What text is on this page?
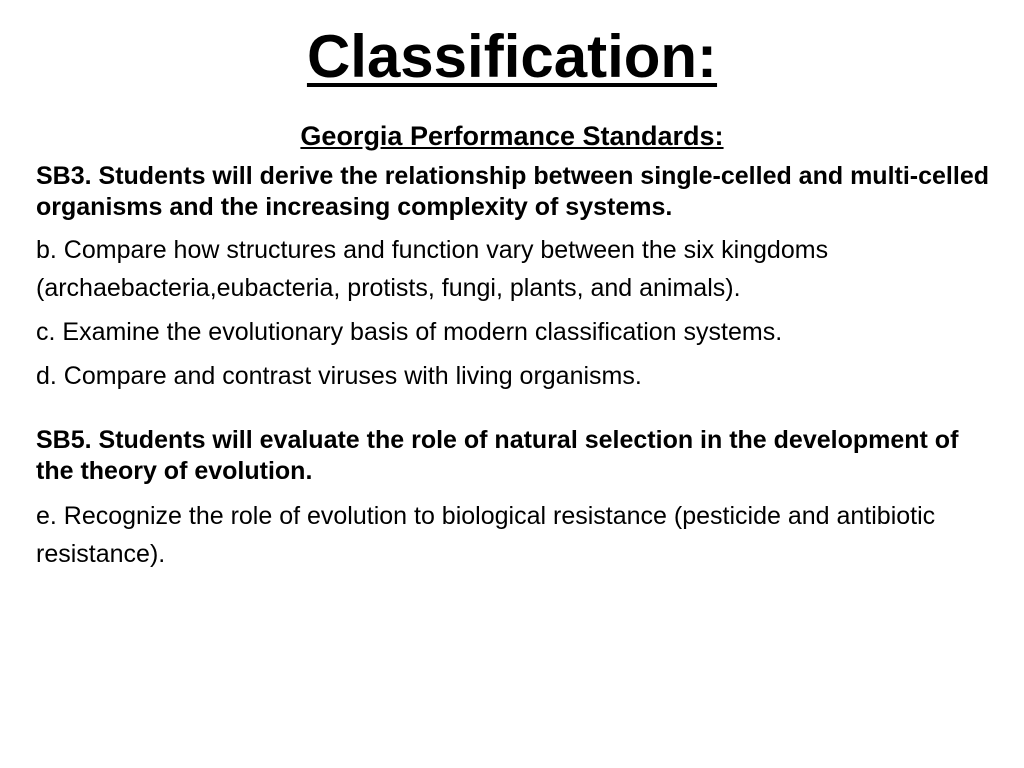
Classification:
Georgia Performance Standards:

SB3. Students will derive the relationship between single-celled and multi-celled organisms and the increasing complexity of systems.

b. Compare how structures and function vary between the six kingdoms (archaebacteria,eubacteria, protists, fungi, plants, and animals).

c. Examine the evolutionary basis of modern classification systems.

d. Compare and contrast viruses with living organisms.

SB5. Students will evaluate the role of natural selection in the development of the theory of evolution.

e. Recognize the role of evolution to biological resistance (pesticide and antibiotic resistance).
